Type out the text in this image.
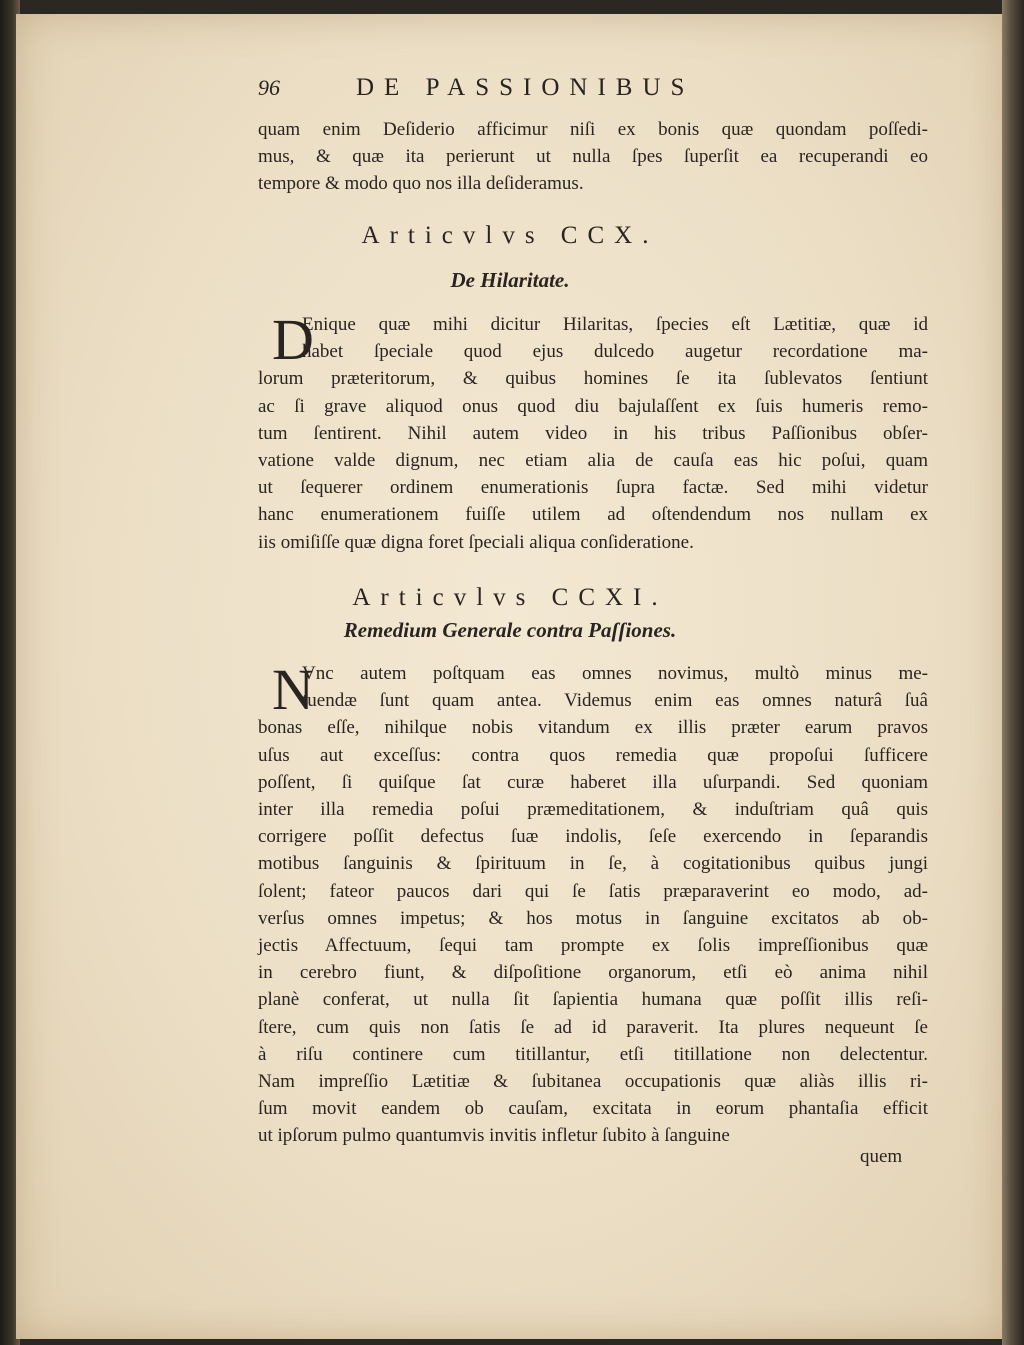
96	DE PASSIONIBUS
quam enim Deſiderio afficimur niſi ex bonis quæ quondam poſſedi-
mus, & quæ ita perierunt ut nulla ſpes ſuperſit ea recuperandi eo
tempore & modo quo nos illa deſideramus.
Articvlvs CCX.
De Hilaritate.
D
Enique quæ mihi dicitur Hilaritas, ſpecies eſt Lætitiæ, quæ id
habet ſpeciale quod ejus dulcedo augetur recordatione ma-
lorum præteritorum, & quibus homines ſe ita ſublevatos ſentiunt
ac ſi grave aliquod onus quod diu bajulaſſent ex ſuis humeris remo-
tum ſentirent. Nihil autem video in his tribus Paſſionibus obſer-
vatione valde dignum, nec etiam alia de cauſa eas hic poſui, quam
ut ſequerer ordinem enumerationis ſupra factæ. Sed mihi videtur
hanc enumerationem fuiſſe utilem ad oſtendendum nos nullam ex
iis omiſiſſe quæ digna foret ſpeciali aliqua conſideratione.
Articvlvs CCXI.
Remedium Generale contra Paſſiones.
N
Vnc autem poſtquam eas omnes novimus, multò minus me-
tuendæ ſunt quam antea. Videmus enim eas omnes naturâ ſuâ
bonas eſſe, nihilque nobis vitandum ex illis præter earum pravos
uſus aut exceſſus: contra quos remedia quæ propoſui ſufficere
poſſent, ſi quiſque ſat curæ haberet illa uſurpandi. Sed quoniam
inter illa remedia poſui præmeditationem, & induſtriam quâ quis
corrigere poſſit defectus ſuæ indolis, ſeſe exercendo in ſeparandis
motibus ſanguinis & ſpirituum in ſe, à cogitationibus quibus jungi
ſolent; fateor paucos dari qui ſe ſatis præparaverint eo modo, ad-
verſus omnes impetus; & hos motus in ſanguine excitatos ab ob-
jectis Affectuum, ſequi tam prompte ex ſolis impreſſionibus quæ
in cerebro fiunt, & diſpoſitione organorum, etſi eò anima nihil
planè conferat, ut nulla ſit ſapientia humana quæ poſſit illis reſi-
ſtere, cum quis non ſatis ſe ad id paraverit. Ita plures nequeunt ſe
à riſu continere cum titillantur, etſi titillatione non delectentur.
Nam impreſſio Lætitiæ & ſubitanea occupationis quæ aliàs illis ri-
ſum movit eandem ob cauſam, excitata in eorum phantaſia efficit
ut ipſorum pulmo quantumvis invitis infletur ſubito à ſanguine
quem
